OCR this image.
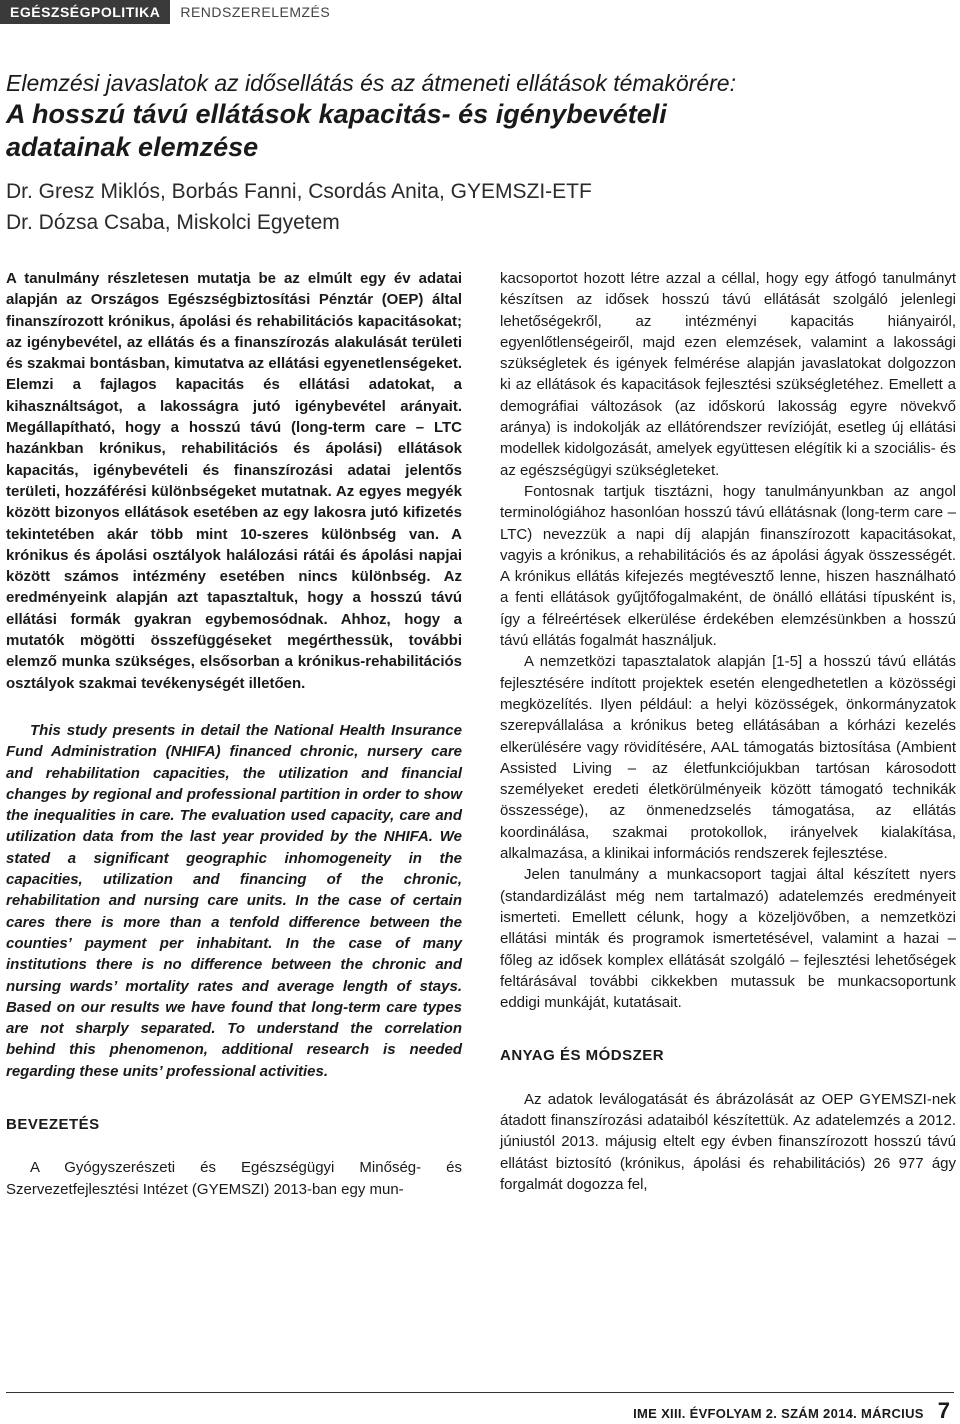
EGÉSZSÉGPOLITIKA	RENDSZERELEMZÉS

Elemzési javaslatok az idősellátás és az átmeneti ellátások témakörére:

A hosszú távú ellátások kapacitás- és igénybevételi

adatainak elemzése

Dr. Gresz Miklós, Borbás Fanni, Csordás Anita, GYEMSZI-ETF
Dr. Dózsa Csaba, Miskolci Egyetem

A tanulmány részletesen mutatja be az elmúlt egy év adatai alapján az Országos Egészségbiztosítási Pénztár (OEP) által finanszírozott krónikus, ápolási és rehabilitációs kapacitásokat; az igénybevétel, az ellátás és a finanszírozás alakulását területi és szakmai bontásban, kimutatva az ellátási egyenetlenségeket. Elemzi a fajlagos kapacitás és ellátási adatokat, a kihasználtságot, a lakosságra jutó igénybevétel arányait. Megállapítható, hogy a hosszú távú (long-term care – LTC hazánkban krónikus, rehabilitációs és ápolási) ellátások kapacitás, igénybevételi és finanszírozási adatai jelentős területi, hozzáférési különbségeket mutatnak. Az egyes megyék között bizonyos ellátások esetében az egy lakosra jutó kifizetés tekintetében akár több mint 10-szeres különbség van. A krónikus és ápolási osztályok halálozási rátái és ápolási napjai között számos intézmény esetében nincs különbség. Az eredményeink alapján azt tapasztaltuk, hogy a hosszú távú ellátási formák gyakran egybemosódnak. Ahhoz, hogy a mutatók mögötti összefüggéseket megérthessük, további elemző munka szükséges, elsősorban a krónikus-rehabilitációs osztályok szakmai tevékenységét illetően.

This study presents in detail the National Health Insurance Fund Administration (NHIFA) financed chronic, nursery care and rehabilitation capacities, the utilization and financial changes by regional and professional partition in order to show the inequalities in care. The evaluation used capacity, care and utilization data from the last year provided by the NHIFA. We stated a significant geographic inhomogeneity in the capacities, utilization and financing of the chronic, rehabilitation and nursing care units. In the case of certain cares there is more than a tenfold difference between the counties’ payment per inhabitant. In the case of many institutions there is no difference between the chronic and nursing wards’ mortality rates and average length of stays. Based on our results we have found that long-term care types are not sharply separated. To understand the correlation behind this phenomenon, additional research is needed regarding these units’ professional activities.

BEVEZETÉS

A Gyógyszerészeti és Egészségügyi Minőség- és Szervezetfejlesztési Intézet (GYEMSZI) 2013-ban egy mun-

kacsoportot hozott létre azzal a céllal, hogy egy átfogó tanulmányt készítsen az idősek hosszú távú ellátását szolgáló jelenlegi lehetőségekről, az intézményi kapacitás hiányairól, egyenlőtlenségeiről, majd ezen elemzések, valamint a lakossági szükségletek és igények felmérése alapján javaslatokat dolgozzon ki az ellátások és kapacitások fejlesztési szükségletéhez. Emellett a demográfiai változások (az időskorú lakosság egyre növekvő aránya) is indokolják az ellátórendszer revízióját, esetleg új ellátási modellek kidolgozását, amelyek együttesen elégítik ki a szociális- és az egészségügyi szükségleteket.

Fontosnak tartjuk tisztázni, hogy tanulmányunkban az angol terminológiához hasonlóan hosszú távú ellátásnak (long-term care – LTC) nevezzük a napi díj alapján finanszírozott kapacitásokat, vagyis a krónikus, a rehabilitációs és az ápolási ágyak összességét. A krónikus ellátás kifejezés megtévesztő lenne, hiszen használható a fenti ellátások gyűjtőfogalmaként, de önálló ellátási típusként is, így a félreértések elkerülése érdekében elemzésünkben a hosszú távú ellátás fogalmát használjuk.

A nemzetközi tapasztalatok alapján [1-5] a hosszú távú ellátás fejlesztésére indított projektek esetén elengedhetetlen a közösségi megközelítés. Ilyen például: a helyi közösségek, önkormányzatok szerepvállalása a krónikus beteg ellátásában a kórházi kezelés elkerülésére vagy rövidítésére, AAL támogatás biztosítása (Ambient Assisted Living – az életfunkciójukban tartósan károsodott személyeket eredeti életkörülményeik között támogató technikák összessége), az önmenedzselés támogatása, az ellátás koordinálása, szakmai protokollok, irányelvek kialakítása, alkalmazása, a klinikai információs rendszerek fejlesztése.

Jelen tanulmány a munkacsoport tagjai által készített nyers (standardizálást még nem tartalmazó) adatelemzés eredményeit ismerteti. Emellett célunk, hogy a közeljövőben, a nemzetközi ellátási minták és programok ismertetésével, valamint a hazai – főleg az idősek komplex ellátását szolgáló – fejlesztési lehetőségek feltárásával további cikkekben mutassuk be munkacsoportunk eddigi munkáját, kutatásait.

ANYAG ÉS MÓDSZER

Az adatok leválogatását és ábrázolását az OEP GYEMSZI-nek átadott finanszírozási adataiból készítettük. Az adatelemzés a 2012. júniustól 2013. májusig eltelt egy évben finanszírozott hosszú távú ellátást biztosító (krónikus, ápolási és rehabilitációs) 26 977 ágy forgalmát dogozza fel,

IME XIII. ÉVFOLYAM 2. SZÁM 2014. MÁRCIUS 7
